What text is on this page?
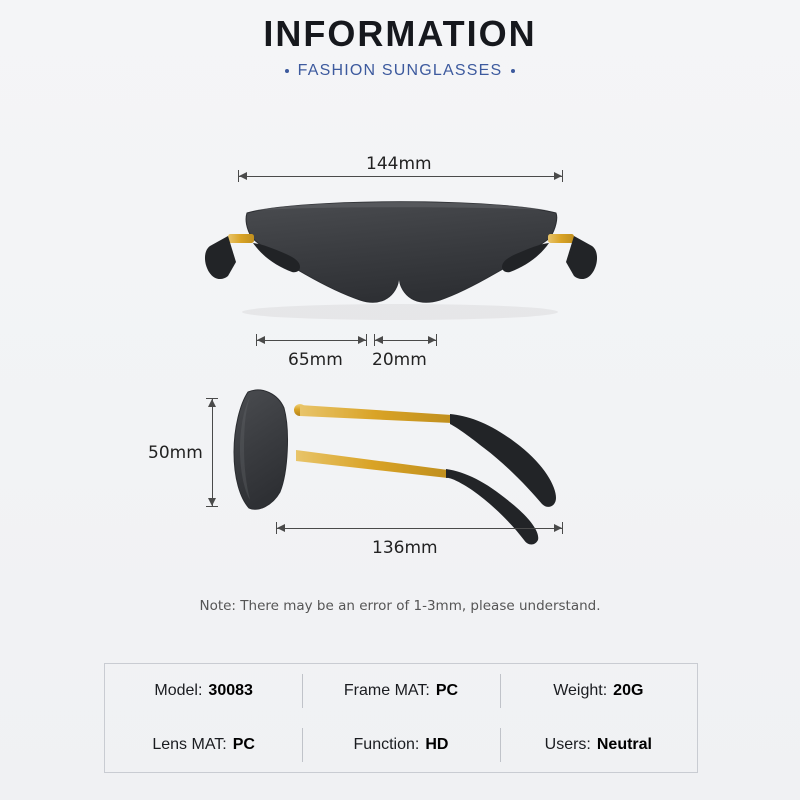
INFORMATION
FASHION SUNGLASSES
144mm
65mm 20mm
50mm
136mm
Note: There may be an error of 1-3mm, please understand.
Model: 30083	Frame MAT: PC	Weight: 20G
Lens MAT: PC	Function: HD	Users: Neutral
